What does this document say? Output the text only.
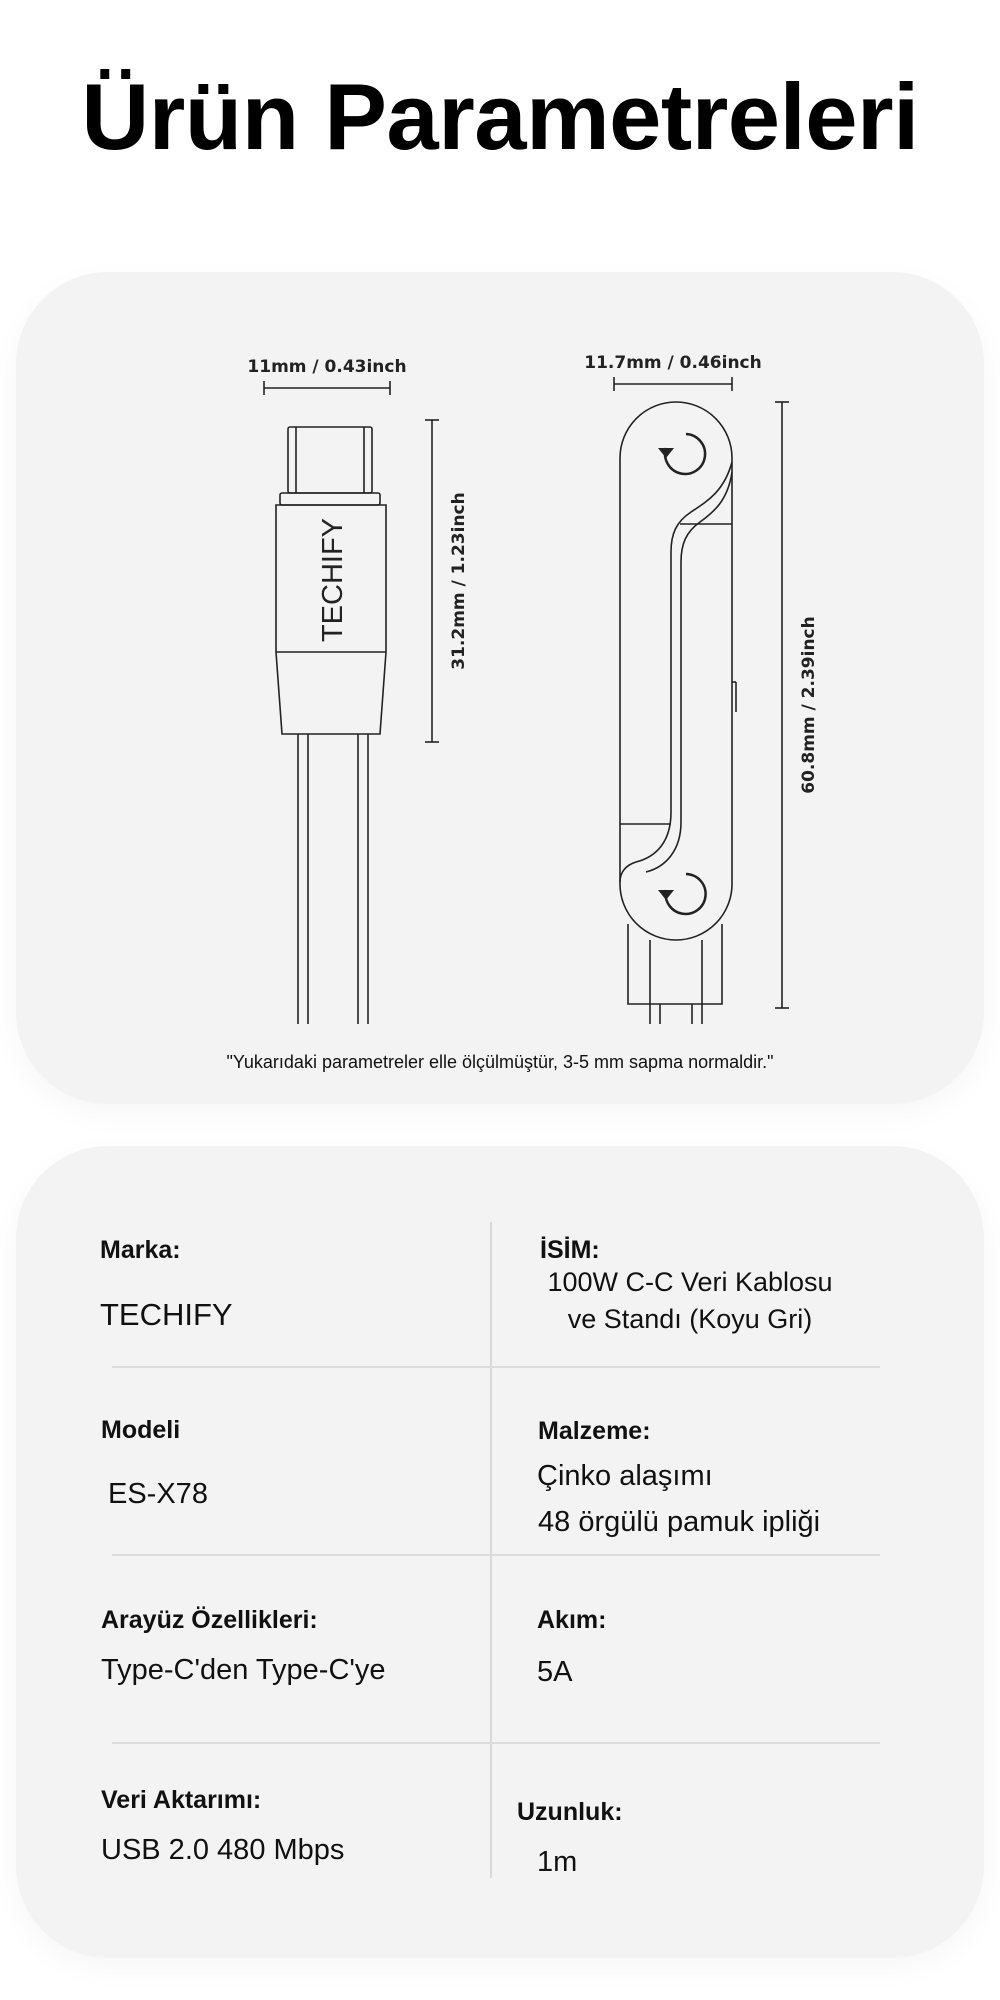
Ürün Parametreleri
11mm / 0.43inch
31.2mm / 1.23inch
TECHIFY
11.7mm / 0.46inch
60.8mm / 2.39inch
"Yukarıdaki parametreler elle ölçülmüştür, 3-5 mm sapma normaldir."
Marka:
TECHIFY
İSİM:
100W C-C Veri Kablosu
ve Standı (Koyu Gri)
Modeli
ES-X78
Malzeme:
Çinko alaşımı
48 örgülü pamuk ipliği
Arayüz Özellikleri:
Type-C'den Type-C'ye
Akım:
5A
Veri Aktarımı:
USB 2.0 480 Mbps
Uzunluk:
1m
